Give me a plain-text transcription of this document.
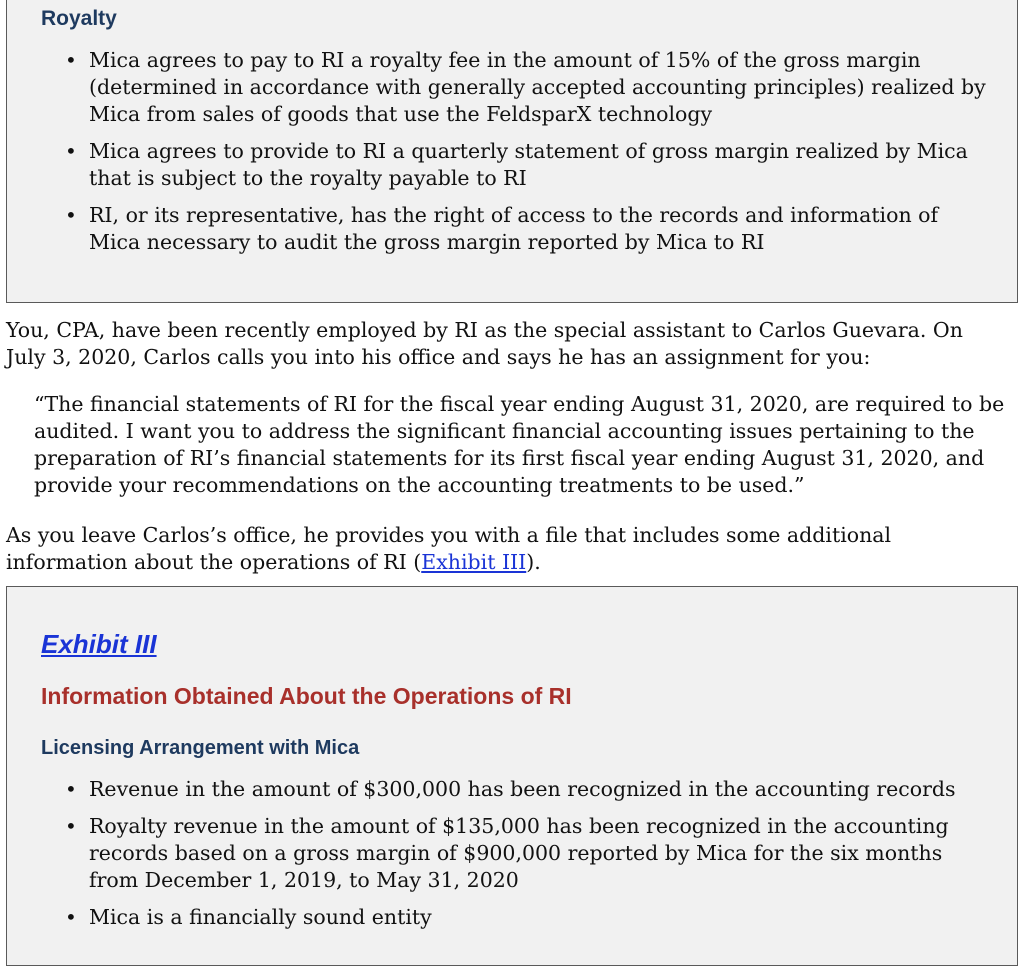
Royalty
• Mica agrees to pay to RI a royalty fee in the amount of 15% of the gross margin (determined in accordance with generally accepted accounting principles) realized by Mica from sales of goods that use the FeldsparX technology
• Mica agrees to provide to RI a quarterly statement of gross margin realized by Mica that is subject to the royalty payable to RI
• RI, or its representative, has the right of access to the records and information of Mica necessary to audit the gross margin reported by Mica to RI

You, CPA, have been recently employed by RI as the special assistant to Carlos Guevara. On July 3, 2020, Carlos calls you into his office and says he has an assignment for you:

“The financial statements of RI for the fiscal year ending August 31, 2020, are required to be audited. I want you to address the significant financial accounting issues pertaining to the preparation of RI’s financial statements for its first fiscal year ending August 31, 2020, and provide your recommendations on the accounting treatments to be used.”

As you leave Carlos’s office, he provides you with a file that includes some additional information about the operations of RI (Exhibit III).

Exhibit III
Information Obtained About the Operations of RI
Licensing Arrangement with Mica
• Revenue in the amount of $300,000 has been recognized in the accounting records
• Royalty revenue in the amount of $135,000 has been recognized in the accounting records based on a gross margin of $900,000 reported by Mica for the six months from December 1, 2019, to May 31, 2020
• Mica is a financially sound entity
